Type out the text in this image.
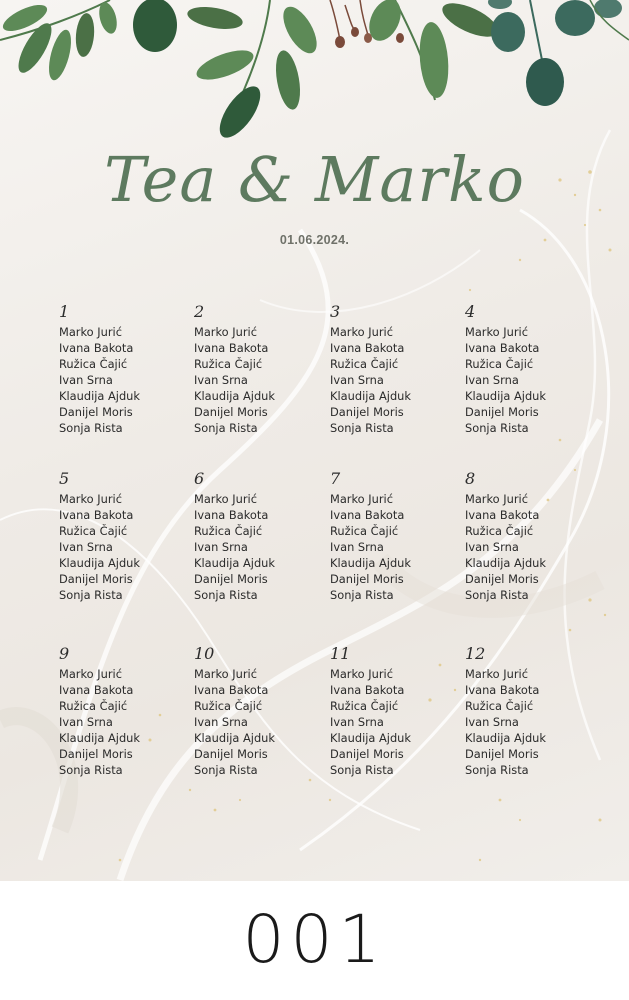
Tea & Marko
01.06.2024.
1
Marko Jurić
Ivana Bakota
Ružica Čajić
Ivan Srna
Klaudija Ajduk
Danijel Moris
Sonja Rista
2
Marko Jurić
Ivana Bakota
Ružica Čajić
Ivan Srna
Klaudija Ajduk
Danijel Moris
Sonja Rista
3
Marko Jurić
Ivana Bakota
Ružica Čajić
Ivan Srna
Klaudija Ajduk
Danijel Moris
Sonja Rista
4
Marko Jurić
Ivana Bakota
Ružica Čajić
Ivan Srna
Klaudija Ajduk
Danijel Moris
Sonja Rista
5
Marko Jurić
Ivana Bakota
Ružica Čajić
Ivan Srna
Klaudija Ajduk
Danijel Moris
Sonja Rista
6
Marko Jurić
Ivana Bakota
Ružica Čajić
Ivan Srna
Klaudija Ajduk
Danijel Moris
Sonja Rista
7
Marko Jurić
Ivana Bakota
Ružica Čajić
Ivan Srna
Klaudija Ajduk
Danijel Moris
Sonja Rista
8
Marko Jurić
Ivana Bakota
Ružica Čajić
Ivan Srna
Klaudija Ajduk
Danijel Moris
Sonja Rista
9
Marko Jurić
Ivana Bakota
Ružica Čajić
Ivan Srna
Klaudija Ajduk
Danijel Moris
Sonja Rista
10
Marko Jurić
Ivana Bakota
Ružica Čajić
Ivan Srna
Klaudija Ajduk
Danijel Moris
Sonja Rista
11
Marko Jurić
Ivana Bakota
Ružica Čajić
Ivan Srna
Klaudija Ajduk
Danijel Moris
Sonja Rista
12
Marko Jurić
Ivana Bakota
Ružica Čajić
Ivan Srna
Klaudija Ajduk
Danijel Moris
Sonja Rista
001
